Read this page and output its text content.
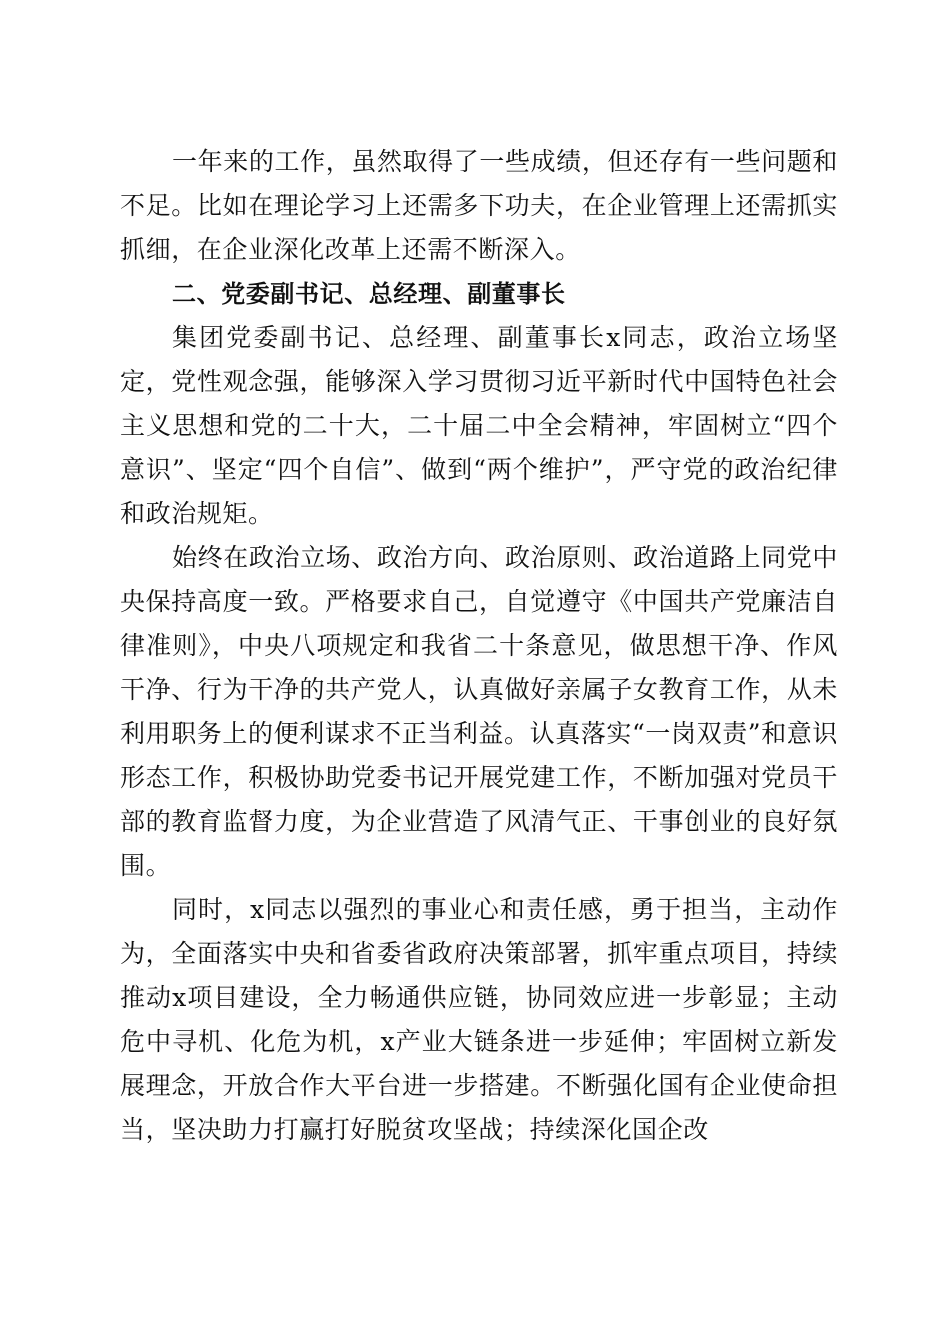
一年来的工作，虽然取得了一些成绩，但还存有一些问题和不足。比如在理论学习上还需多下功夫，在企业管理上还需抓实抓细，在企业深化改革上还需不断深入。

二、党委副书记、总经理、副董事长

集团党委副书记、总经理、副董事长x同志，政治立场坚定，党性观念强，能够深入学习贯彻习近平新时代中国特色社会主义思想和党的二十大，二十届二中全会精神，牢固树立“四个意识”、坚定“四个自信”、做到“两个维护”，严守党的政治纪律和政治规矩。

始终在政治立场、政治方向、政治原则、政治道路上同党中央保持高度一致。严格要求自己，自觉遵守《中国共产党廉洁自律准则》，中央八项规定和我省二十条意见，做思想干净、作风干净、行为干净的共产党人，认真做好亲属子女教育工作，从未利用职务上的便利谋求不正当利益。认真落实“一岗双责”和意识形态工作，积极协助党委书记开展党建工作，不断加强对党员干部的教育监督力度，为企业营造了风清气正、干事创业的良好氛围。

同时，x同志以强烈的事业心和责任感，勇于担当，主动作为，全面落实中央和省委省政府决策部署，抓牢重点项目，持续推动x项目建设，全力畅通供应链，协同效应进一步彰显；主动危中寻机、化危为机，x产业大链条进一步延伸；牢固树立新发展理念，开放合作大平台进一步搭建。不断强化国有企业使命担当，坚决助力打赢打好脱贫攻坚战；持续深化国企改
